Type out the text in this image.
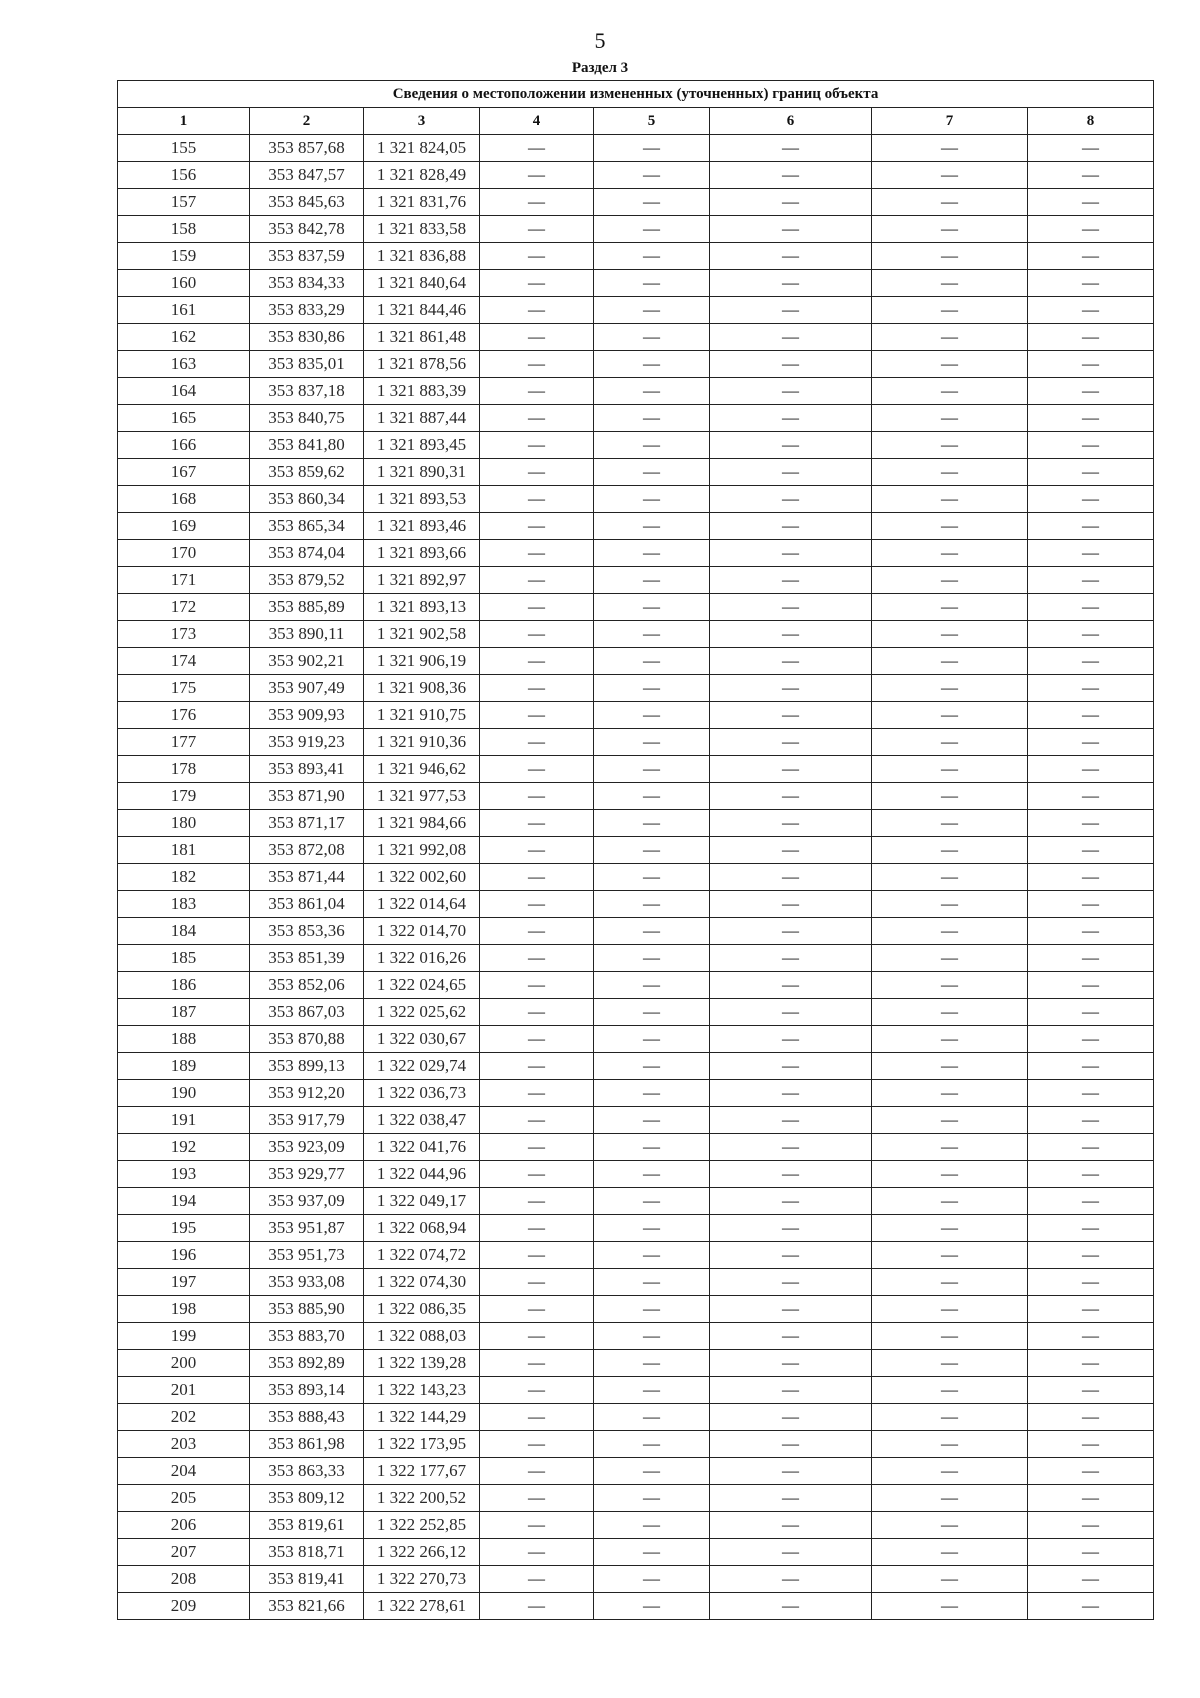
5
Раздел 3
Сведения о местоположении измененных (уточненных) границ объекта							
1	2	3	4	5	6	7	8
155	353 857,68	1 321 824,05	—	—	—	—	—
156	353 847,57	1 321 828,49	—	—	—	—	—
157	353 845,63	1 321 831,76	—	—	—	—	—
158	353 842,78	1 321 833,58	—	—	—	—	—
159	353 837,59	1 321 836,88	—	—	—	—	—
160	353 834,33	1 321 840,64	—	—	—	—	—
161	353 833,29	1 321 844,46	—	—	—	—	—
162	353 830,86	1 321 861,48	—	—	—	—	—
163	353 835,01	1 321 878,56	—	—	—	—	—
164	353 837,18	1 321 883,39	—	—	—	—	—
165	353 840,75	1 321 887,44	—	—	—	—	—
166	353 841,80	1 321 893,45	—	—	—	—	—
167	353 859,62	1 321 890,31	—	—	—	—	—
168	353 860,34	1 321 893,53	—	—	—	—	—
169	353 865,34	1 321 893,46	—	—	—	—	—
170	353 874,04	1 321 893,66	—	—	—	—	—
171	353 879,52	1 321 892,97	—	—	—	—	—
172	353 885,89	1 321 893,13	—	—	—	—	—
173	353 890,11	1 321 902,58	—	—	—	—	—
174	353 902,21	1 321 906,19	—	—	—	—	—
175	353 907,49	1 321 908,36	—	—	—	—	—
176	353 909,93	1 321 910,75	—	—	—	—	—
177	353 919,23	1 321 910,36	—	—	—	—	—
178	353 893,41	1 321 946,62	—	—	—	—	—
179	353 871,90	1 321 977,53	—	—	—	—	—
180	353 871,17	1 321 984,66	—	—	—	—	—
181	353 872,08	1 321 992,08	—	—	—	—	—
182	353 871,44	1 322 002,60	—	—	—	—	—
183	353 861,04	1 322 014,64	—	—	—	—	—
184	353 853,36	1 322 014,70	—	—	—	—	—
185	353 851,39	1 322 016,26	—	—	—	—	—
186	353 852,06	1 322 024,65	—	—	—	—	—
187	353 867,03	1 322 025,62	—	—	—	—	—
188	353 870,88	1 322 030,67	—	—	—	—	—
189	353 899,13	1 322 029,74	—	—	—	—	—
190	353 912,20	1 322 036,73	—	—	—	—	—
191	353 917,79	1 322 038,47	—	—	—	—	—
192	353 923,09	1 322 041,76	—	—	—	—	—
193	353 929,77	1 322 044,96	—	—	—	—	—
194	353 937,09	1 322 049,17	—	—	—	—	—
195	353 951,87	1 322 068,94	—	—	—	—	—
196	353 951,73	1 322 074,72	—	—	—	—	—
197	353 933,08	1 322 074,30	—	—	—	—	—
198	353 885,90	1 322 086,35	—	—	—	—	—
199	353 883,70	1 322 088,03	—	—	—	—	—
200	353 892,89	1 322 139,28	—	—	—	—	—
201	353 893,14	1 322 143,23	—	—	—	—	—
202	353 888,43	1 322 144,29	—	—	—	—	—
203	353 861,98	1 322 173,95	—	—	—	—	—
204	353 863,33	1 322 177,67	—	—	—	—	—
205	353 809,12	1 322 200,52	—	—	—	—	—
206	353 819,61	1 322 252,85	—	—	—	—	—
207	353 818,71	1 322 266,12	—	—	—	—	—
208	353 819,41	1 322 270,73	—	—	—	—	—
209	353 821,66	1 322 278,61	—	—	—	—	—
